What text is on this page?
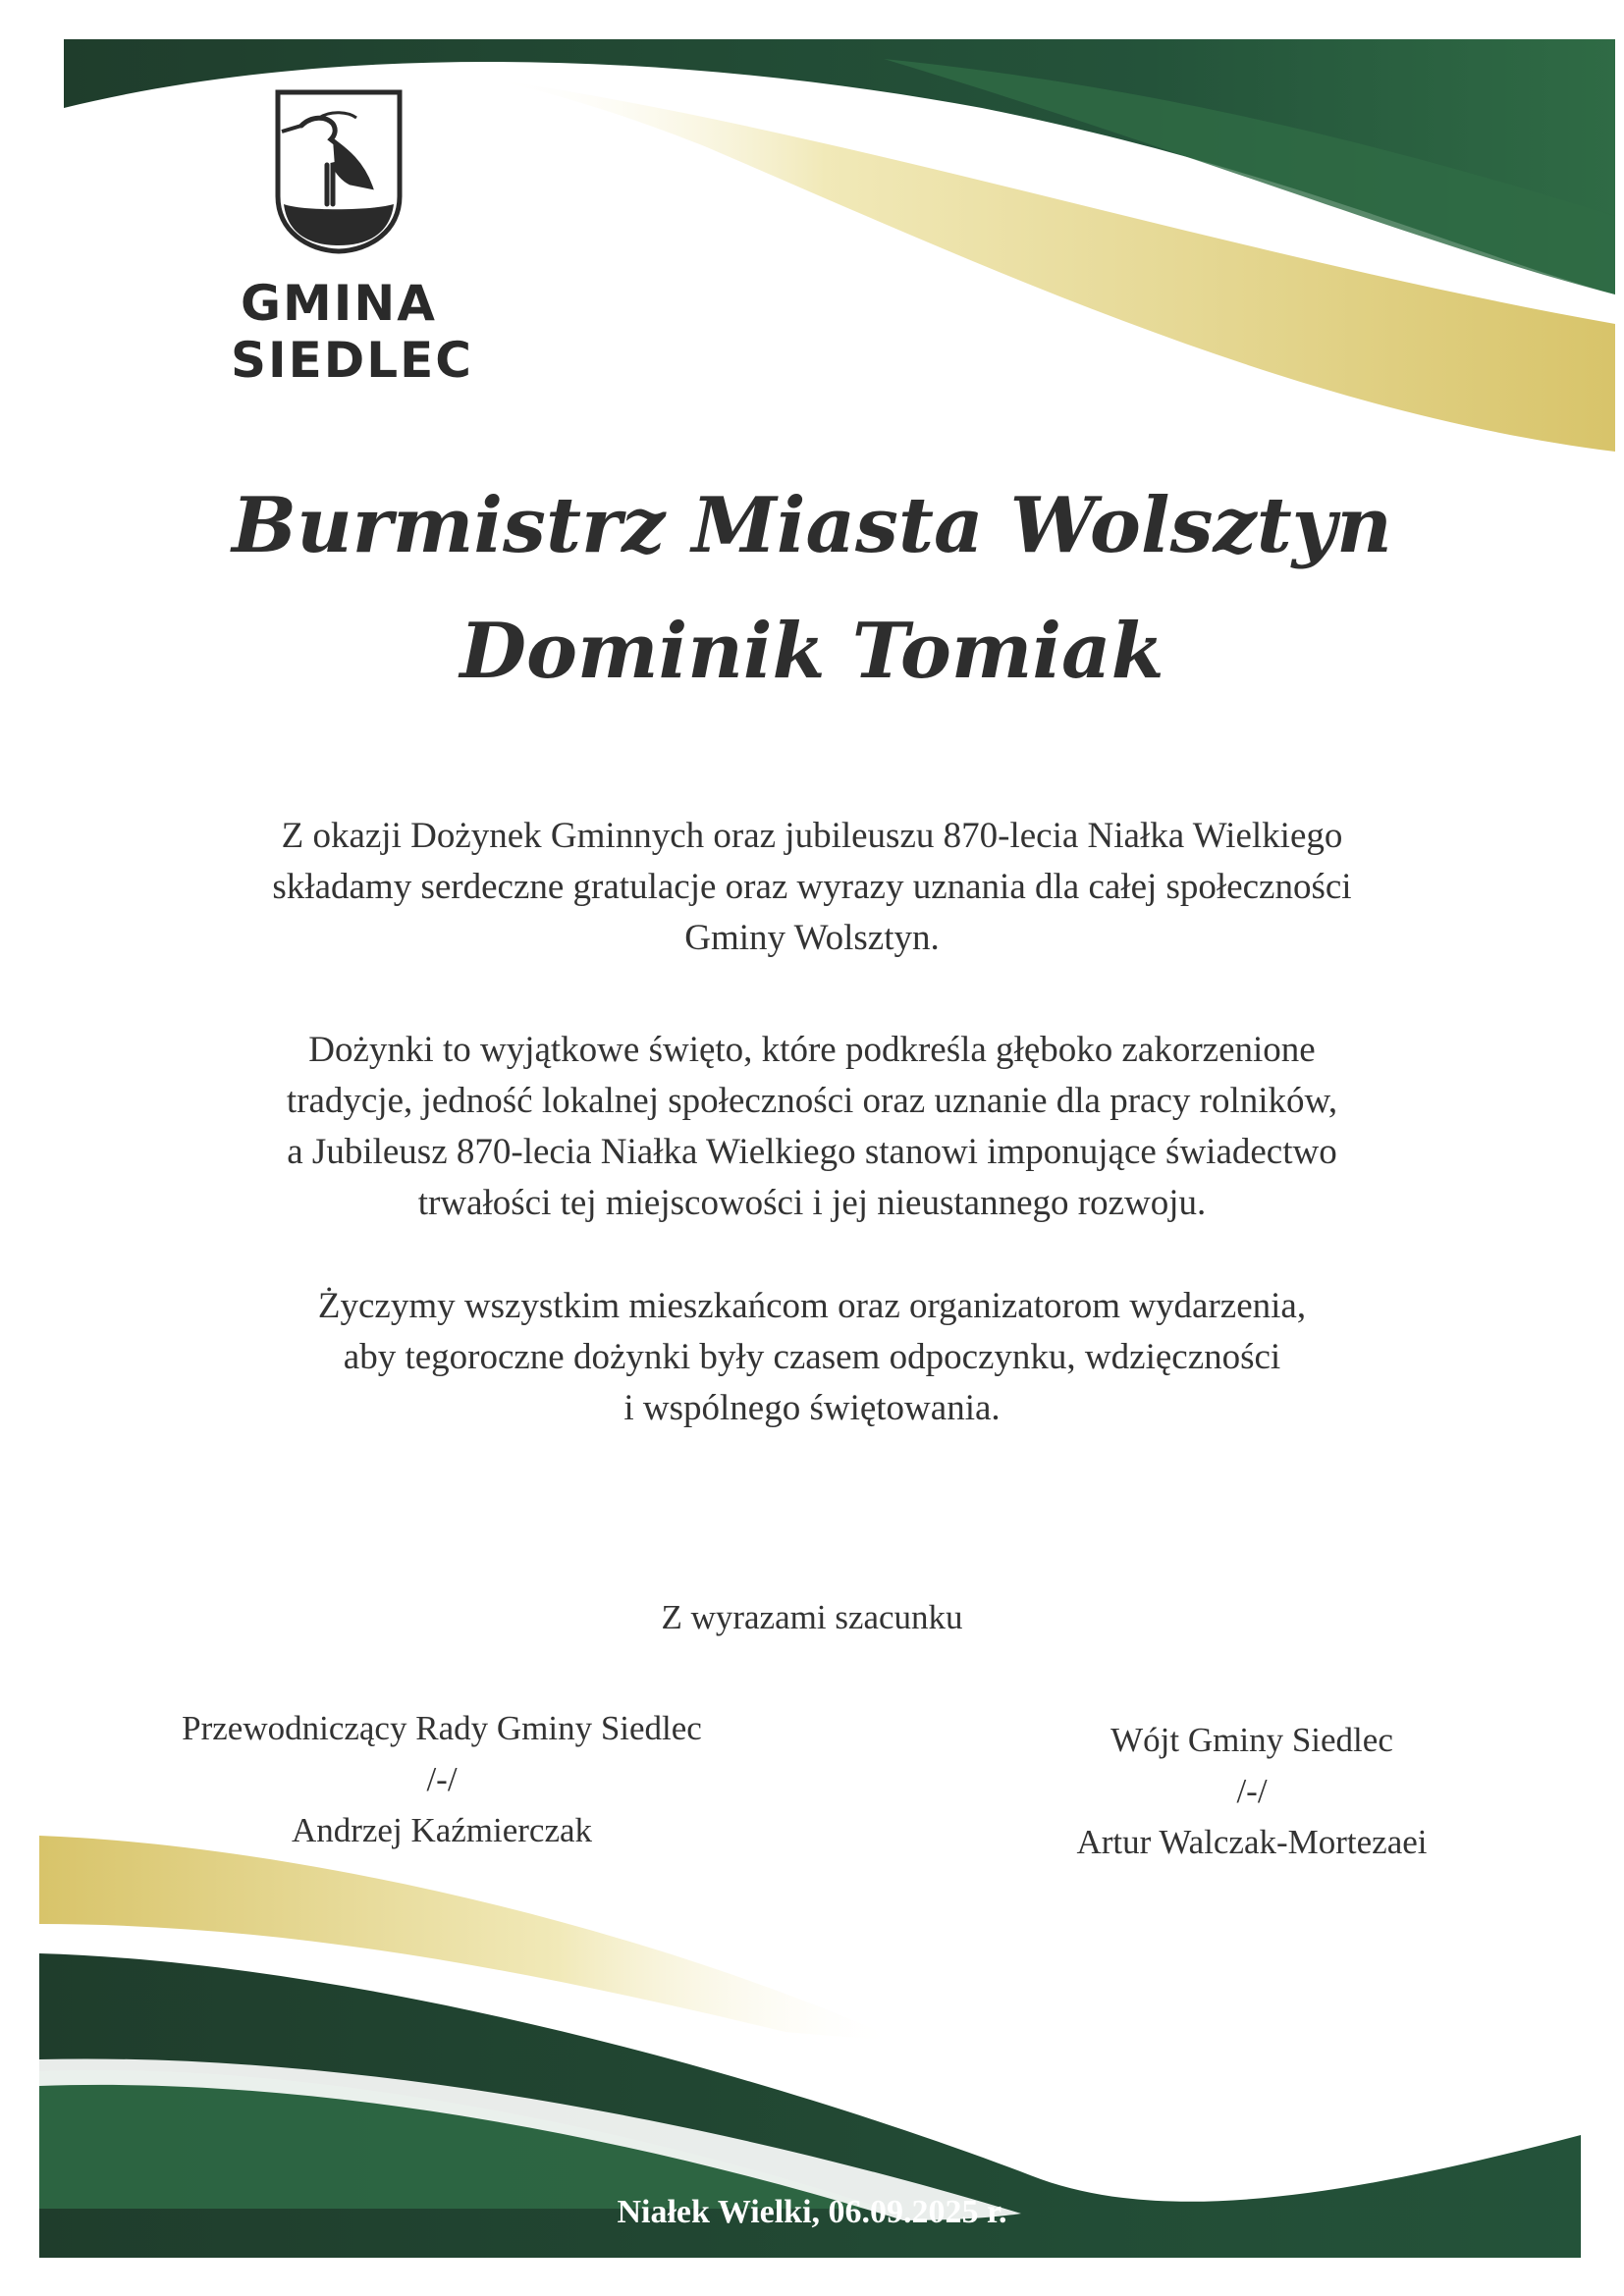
GMINA
SIEDLEC
Burmistrz Miasta Wolsztyn
Dominik Tomiak
Z okazji Dożynek Gminnych oraz jubileuszu 870-lecia Niałka Wielkiego
składamy serdeczne gratulacje oraz wyrazy uznania dla całej społeczności
Gminy Wolsztyn.
Dożynki to wyjątkowe święto, które podkreśla głęboko zakorzenione
tradycje, jedność lokalnej społeczności oraz uznanie dla pracy rolników,
a Jubileusz 870-lecia Niałka Wielkiego stanowi imponujące świadectwo
trwałości tej miejscowości i jej nieustannego rozwoju.
Życzymy wszystkim mieszkańcom oraz organizatorom wydarzenia,
aby tegoroczne dożynki były czasem odpoczynku, wdzięczności
i wspólnego świętowania.
Z wyrazami szacunku
Przewodniczący Rady Gminy Siedlec
/-/
Andrzej Kaźmierczak
Wójt Gminy Siedlec
/-/
Artur Walczak-Mortezaei
Niałek Wielki, 06.09.2025 r.
